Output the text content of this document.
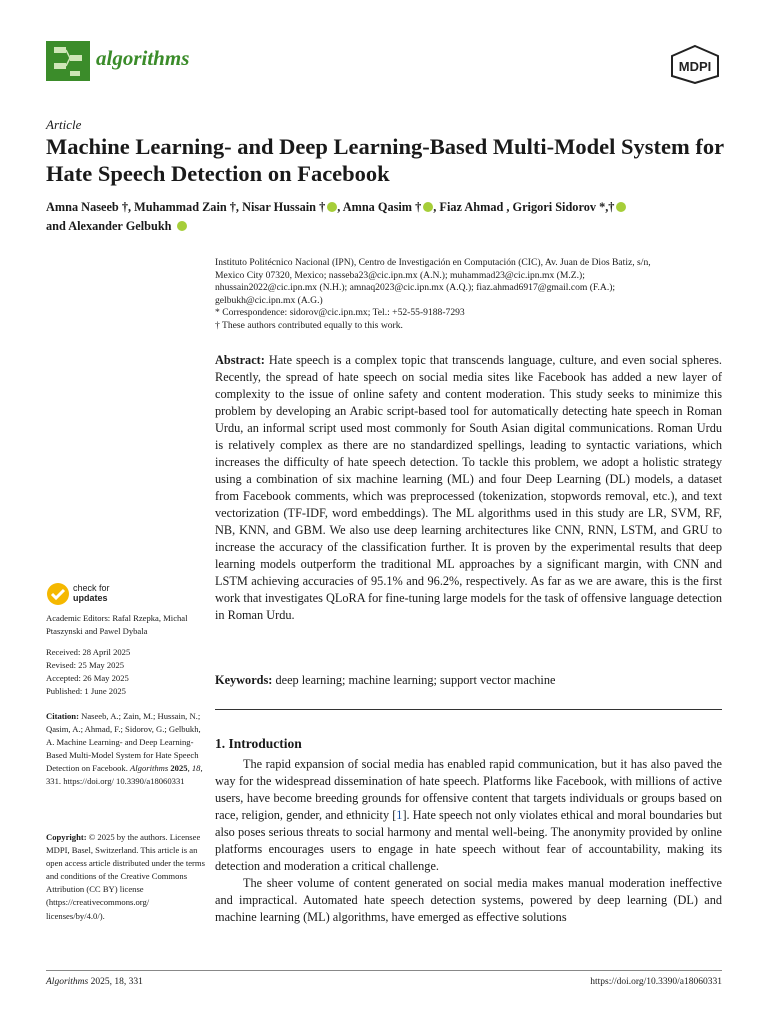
algorithms	MDPI
Article
Machine Learning- and Deep Learning-Based Multi-Model System for Hate Speech Detection on Facebook
Amna Naseeb †, Muhammad Zain †, Nisar Hussain † , Amna Qasim † , Fiaz Ahmad , Grigori Sidorov *,†
and Alexander Gelbukh

Instituto Politécnico Nacional (IPN), Centro de Investigación en Computación (CIC), Av. Juan de Dios Batiz, s/n,

Mexico City 07320, Mexico; nasseba23@cic.ipn.mx (A.N.); muhammad23@cic.ipn.mx (M.Z.);

nhussain2022@cic.ipn.mx (N.H.); amnaq2023@cic.ipn.mx (A.Q.); fiaz.ahmad6917@gmail.com (F.A.);

gelbukh@cic.ipn.mx (A.G.)

* Correspondence: sidorov@cic.ipn.mx; Tel.: +52-55-9188-7293

† These authors contributed equally to this work.

Abstract: Hate speech is a complex topic that transcends language, culture, and even social spheres. Recently, the spread of hate speech on social media sites like Facebook has added a new layer of complexity to the issue of online safety and content moderation. This study seeks to minimize this problem by developing an Arabic script-based tool for automatically detecting hate speech in Roman Urdu, an informal script used most commonly for South Asian digital communications. Roman Urdu is relatively complex as there are no standardized spellings, leading to syntactic variations, which increases the difficulty of hate speech detection. To tackle this problem, we adopt a holistic strategy using a combination of six machine learning (ML) and four Deep Learning (DL) models, a dataset from Facebook comments, which was preprocessed (tokenization, stopwords removal, etc.), and text vectorization (TF-IDF, word embeddings). The ML algorithms used in this study are LR, SVM, RF, NB, KNN, and GBM. We also use deep learning architectures like CNN, RNN, LSTM, and GRU to increase the accuracy of the classification further. It is proven by the experimental results that deep learning models outperform the traditional ML approaches by a significant margin, with CNN and LSTM achieving accuracies of 95.1% and 96.2%, respectively. As far as we are aware, this is the first work that investigates QLoRA for fine-tuning large models for the task of offensive language detection in Roman Urdu.
Keywords: deep learning; machine learning; support vector machine
1. Introduction

The rapid expansion of social media has enabled rapid communication, but it has also paved the way for the widespread dissemination of hate speech. Platforms like Facebook, with millions of active users, have become breeding grounds for offensive content that targets individuals or groups based on race, religion, gender, and ethnicity [1]. Hate speech not only violates ethical and moral boundaries but also poses serious threats to social harmony and mental well-being. The anonymity provided by online platforms encourages users to engage in hate speech without fear of accountability, making its detection and moderation a critical challenge.

The sheer volume of content generated on social media makes manual moderation ineffective and impractical. Automated hate speech detection systems, powered by deep learning (DL) and machine learning (ML) algorithms, have emerged as effective solutions

check for
updates

Academic Editors: Rafal Rzepka, Michal Ptaszynski and Pawel Dybala

Received: 28 April 2025

Revised: 25 May 2025

Accepted: 26 May 2025

Published: 1 June 2025

Citation: Naseeb, A.; Zain, M.; Hussain, N.; Qasim, A.; Ahmad, F.; Sidorov, G.; Gelbukh, A. Machine Learning- and Deep Learning-Based Multi-Model System for Hate Speech Detection on Facebook. Algorithms 2025, 18, 331. https://doi.org/ 10.3390/a18060331

Copyright: © 2025 by the authors. Licensee MDPI, Basel, Switzerland. This article is an open access article distributed under the terms and conditions of the Creative Commons Attribution (CC BY) license (https://creativecommons.org/ licenses/by/4.0/).

Algorithms 2025, 18, 331	https://doi.org/10.3390/a18060331
